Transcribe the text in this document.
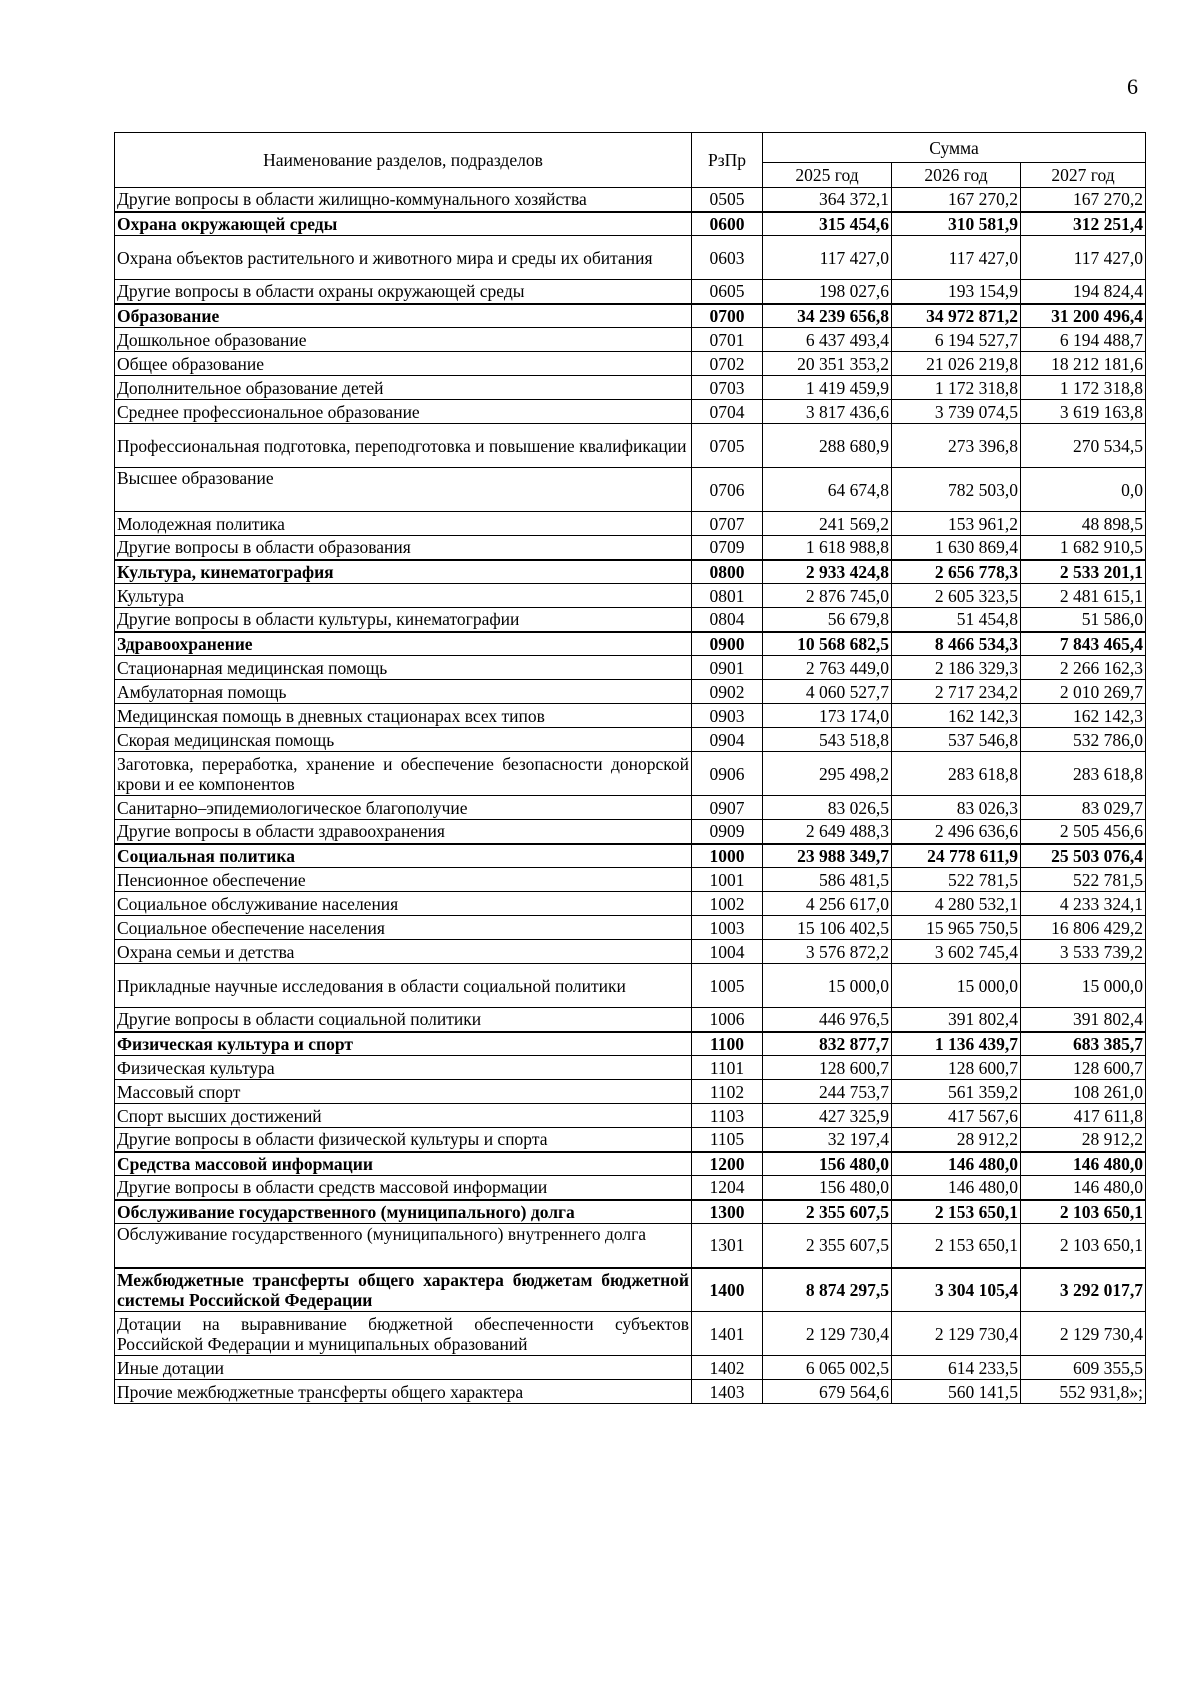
6
Наименование разделов, подразделов	РзПр	Сумма		
		2025 год	2026 год	2027 год
Другие вопросы в области жилищно-коммунального хозяйства	0505	364 372,1	167 270,2	167 270,2
Охрана окружающей среды	0600	315 454,6	310 581,9	312 251,4
Охрана объектов растительного и животного мира и среды их обитания	0603	117 427,0	117 427,0	117 427,0
Другие вопросы в области охраны окружающей среды	0605	198 027,6	193 154,9	194 824,4
Образование	0700	34 239 656,8	34 972 871,2	31 200 496,4
Дошкольное образование	0701	6 437 493,4	6 194 527,7	6 194 488,7
Общее образование	0702	20 351 353,2	21 026 219,8	18 212 181,6
Дополнительное образование детей	0703	1 419 459,9	1 172 318,8	1 172 318,8
Среднее профессиональное образование	0704	3 817 436,6	3 739 074,5	3 619 163,8
Профессиональная подготовка, переподготовка и повышение квалификации	0705	288 680,9	273 396,8	270 534,5
Высшее образование	0706	64 674,8	782 503,0	0,0
Молодежная политика	0707	241 569,2	153 961,2	48 898,5
Другие вопросы в области образования	0709	1 618 988,8	1 630 869,4	1 682 910,5
Культура, кинематография	0800	2 933 424,8	2 656 778,3	2 533 201,1
Культура	0801	2 876 745,0	2 605 323,5	2 481 615,1
Другие вопросы в области культуры, кинематографии	0804	56 679,8	51 454,8	51 586,0
Здравоохранение	0900	10 568 682,5	8 466 534,3	7 843 465,4
Стационарная медицинская помощь	0901	2 763 449,0	2 186 329,3	2 266 162,3
Амбулаторная помощь	0902	4 060 527,7	2 717 234,2	2 010 269,7
Медицинская помощь в дневных стационарах всех типов	0903	173 174,0	162 142,3	162 142,3
Скорая медицинская помощь	0904	543 518,8	537 546,8	532 786,0
Заготовка, переработка, хранение и обеспечение безопасности донорской крови и ее компонентов	0906	295 498,2	283 618,8	283 618,8
Санитарно–эпидемиологическое благополучие	0907	83 026,5	83 026,3	83 029,7
Другие вопросы в области здравоохранения	0909	2 649 488,3	2 496 636,6	2 505 456,6
Социальная политика	1000	23 988 349,7	24 778 611,9	25 503 076,4
Пенсионное обеспечение	1001	586 481,5	522 781,5	522 781,5
Социальное обслуживание населения	1002	4 256 617,0	4 280 532,1	4 233 324,1
Социальное обеспечение населения	1003	15 106 402,5	15 965 750,5	16 806 429,2
Охрана семьи и детства	1004	3 576 872,2	3 602 745,4	3 533 739,2
Прикладные научные исследования в области социальной политики	1005	15 000,0	15 000,0	15 000,0
Другие вопросы в области социальной политики	1006	446 976,5	391 802,4	391 802,4
Физическая культура и спорт	1100	832 877,7	1 136 439,7	683 385,7
Физическая культура	1101	128 600,7	128 600,7	128 600,7
Массовый спорт	1102	244 753,7	561 359,2	108 261,0
Спорт высших достижений	1103	427 325,9	417 567,6	417 611,8
Другие вопросы в области физической культуры и спорта	1105	32 197,4	28 912,2	28 912,2
Средства массовой информации	1200	156 480,0	146 480,0	146 480,0
Другие вопросы в области средств массовой информации	1204	156 480,0	146 480,0	146 480,0
Обслуживание государственного (муниципального) долга	1300	2 355 607,5	2 153 650,1	2 103 650,1
Обслуживание государственного (муниципального) внутреннего долга	1301	2 355 607,5	2 153 650,1	2 103 650,1
Межбюджетные трансферты общего характера бюджетам бюджетной системы Российской Федерации	1400	8 874 297,5	3 304 105,4	3 292 017,7
Дотации на выравнивание бюджетной обеспеченности субъектов Российской Федерации и муниципальных образований	1401	2 129 730,4	2 129 730,4	2 129 730,4
Иные дотации	1402	6 065 002,5	614 233,5	609 355,5
Прочие межбюджетные трансферты общего характера	1403	679 564,6	560 141,5	552 931,8»;
